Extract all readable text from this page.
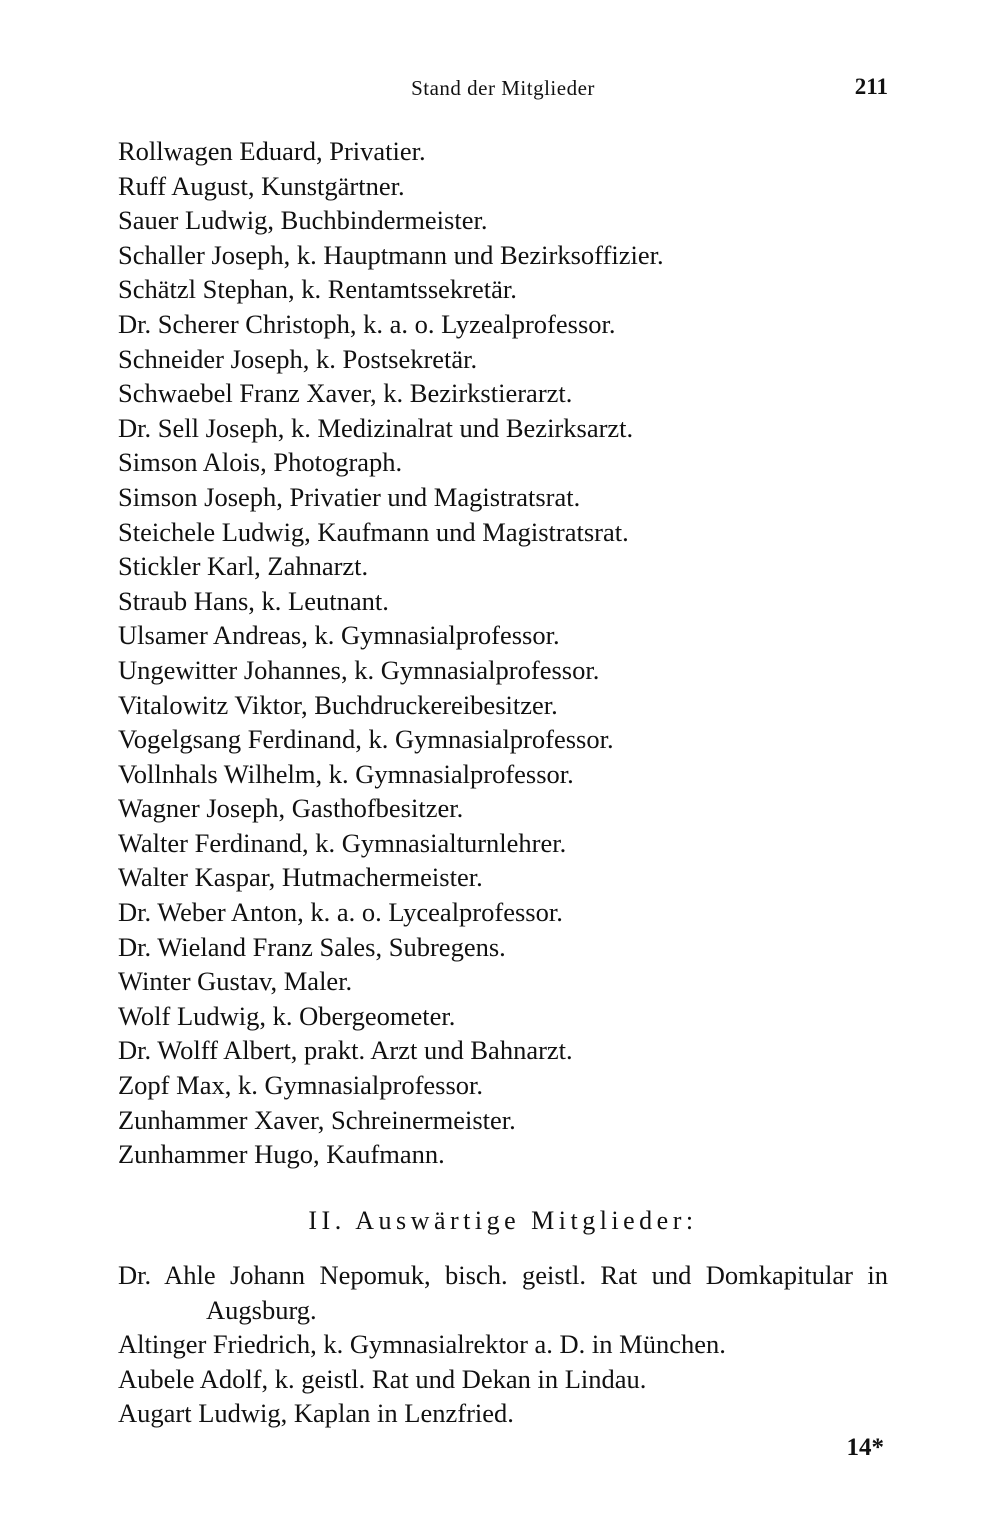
Stand der Mitglieder	211
Rollwagen Eduard, Privatier.
Ruff August, Kunstgärtner.
Sauer Ludwig, Buchbindermeister.
Schaller Joseph, k. Hauptmann und Bezirksoffizier.
Schätzl Stephan, k. Rentamtssekretär.
Dr. Scherer Christoph, k. a. o. Lyzealprofessor.
Schneider Joseph, k. Postsekretär.
Schwaebel Franz Xaver, k. Bezirkstierarzt.
Dr. Sell Joseph, k. Medizinalrat und Bezirksarzt.
Simson Alois, Photograph.
Simson Joseph, Privatier und Magistratsrat.
Steichele Ludwig, Kaufmann und Magistratsrat.
Stickler Karl, Zahnarzt.
Straub Hans, k. Leutnant.
Ulsamer Andreas, k. Gymnasialprofessor.
Ungewitter Johannes, k. Gymnasialprofessor.
Vitalowitz Viktor, Buchdruckereibesitzer.
Vogelgsang Ferdinand, k. Gymnasialprofessor.
Vollnhals Wilhelm, k. Gymnasialprofessor.
Wagner Joseph, Gasthofbesitzer.
Walter Ferdinand, k. Gymnasialturnlehrer.
Walter Kaspar, Hutmachermeister.
Dr. Weber Anton, k. a. o. Lycealprofessor.
Dr. Wieland Franz Sales, Subregens.
Winter Gustav, Maler.
Wolf Ludwig, k. Obergeometer.
Dr. Wolff Albert, prakt. Arzt und Bahnarzt.
Zopf Max, k. Gymnasialprofessor.
Zunhammer Xaver, Schreinermeister.
Zunhammer Hugo, Kaufmann.
II. Auswärtige Mitglieder:
Dr. Ahle Johann Nepomuk, bisch. geistl. Rat und Domkapitular in Augsburg.
Altinger Friedrich, k. Gymnasialrektor a. D. in München.
Aubele Adolf, k. geistl. Rat und Dekan in Lindau.
Augart Ludwig, Kaplan in Lenzfried.
14*
